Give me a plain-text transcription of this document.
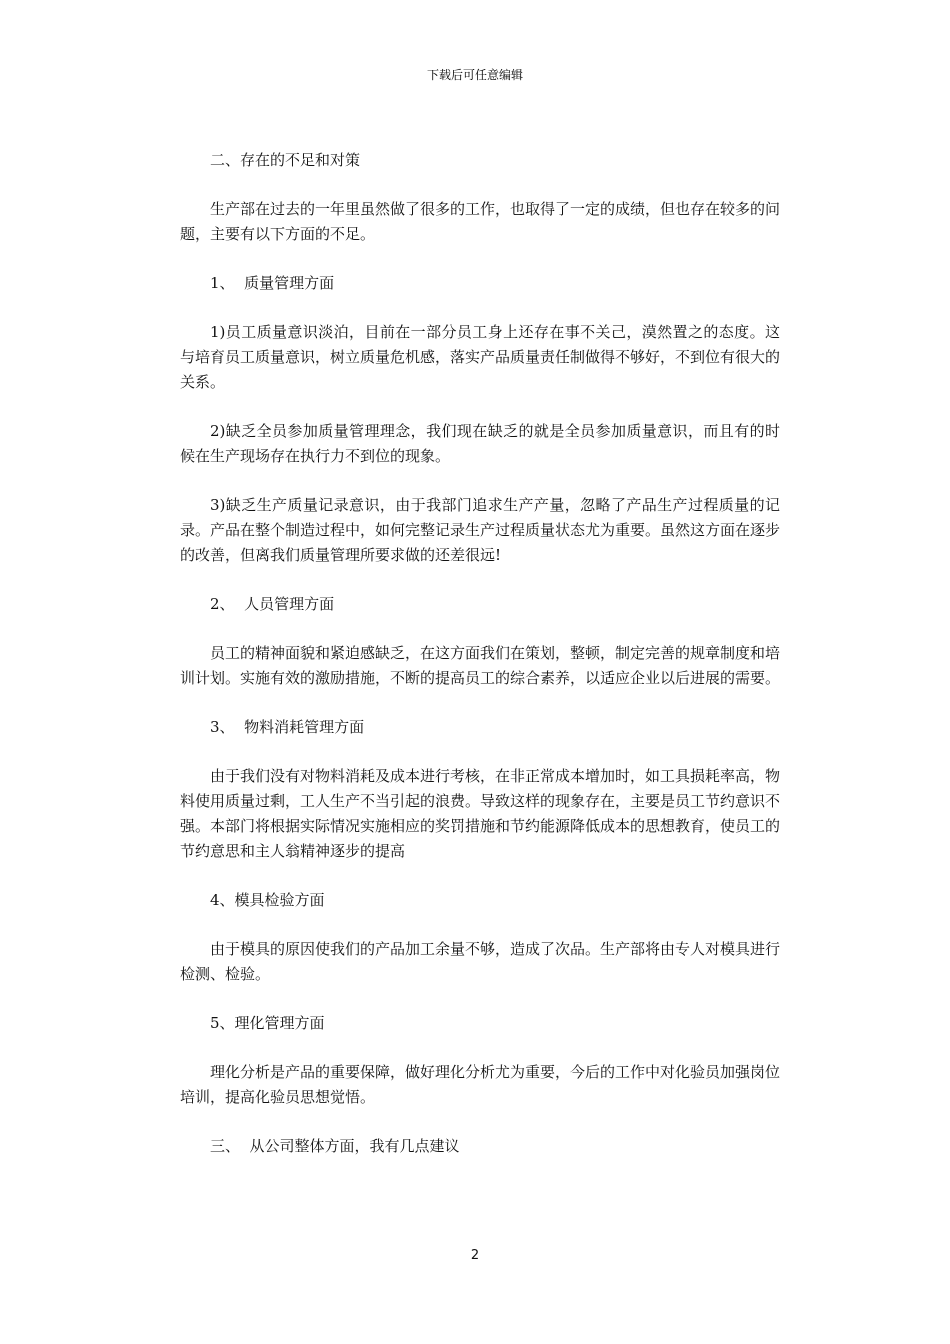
下载后可任意编辑

二、存在的不足和对策

生产部在过去的一年里虽然做了很多的工作，也取得了一定的成绩，但也存在较多的问题，主要有以下方面的不足。

1、  质量管理方面

1)员工质量意识淡泊，目前在一部分员工身上还存在事不关己，漠然置之的态度。这与培育员工质量意识，树立质量危机感，落实产品质量责任制做得不够好，不到位有很大的关系。

2)缺乏全员参加质量管理理念，我们现在缺乏的就是全员参加质量意识，而且有的时候在生产现场存在执行力不到位的现象。

3)缺乏生产质量记录意识，由于我部门追求生产产量，忽略了产品生产过程质量的记录。产品在整个制造过程中，如何完整记录生产过程质量状态尤为重要。虽然这方面在逐步的改善，但离我们质量管理所要求做的还差很远!

2、  人员管理方面

员工的精神面貌和紧迫感缺乏，在这方面我们在策划，整顿，制定完善的规章制度和培训计划。实施有效的激励措施，不断的提高员工的综合素养，以适应企业以后进展的需要。

3、  物料消耗管理方面

由于我们没有对物料消耗及成本进行考核，在非正常成本增加时，如工具损耗率高，物料使用质量过剩，工人生产不当引起的浪费。导致这样的现象存在，主要是员工节约意识不强。本部门将根据实际情况实施相应的奖罚措施和节约能源降低成本的思想教育，使员工的节约意思和主人翁精神逐步的提高

4、模具检验方面

由于模具的原因使我们的产品加工余量不够，造成了次品。生产部将由专人对模具进行检测、检验。

5、理化管理方面

理化分析是产品的重要保障，做好理化分析尤为重要，今后的工作中对化验员加强岗位培训，提高化验员思想觉悟。

三、  从公司整体方面，我有几点建议

2
